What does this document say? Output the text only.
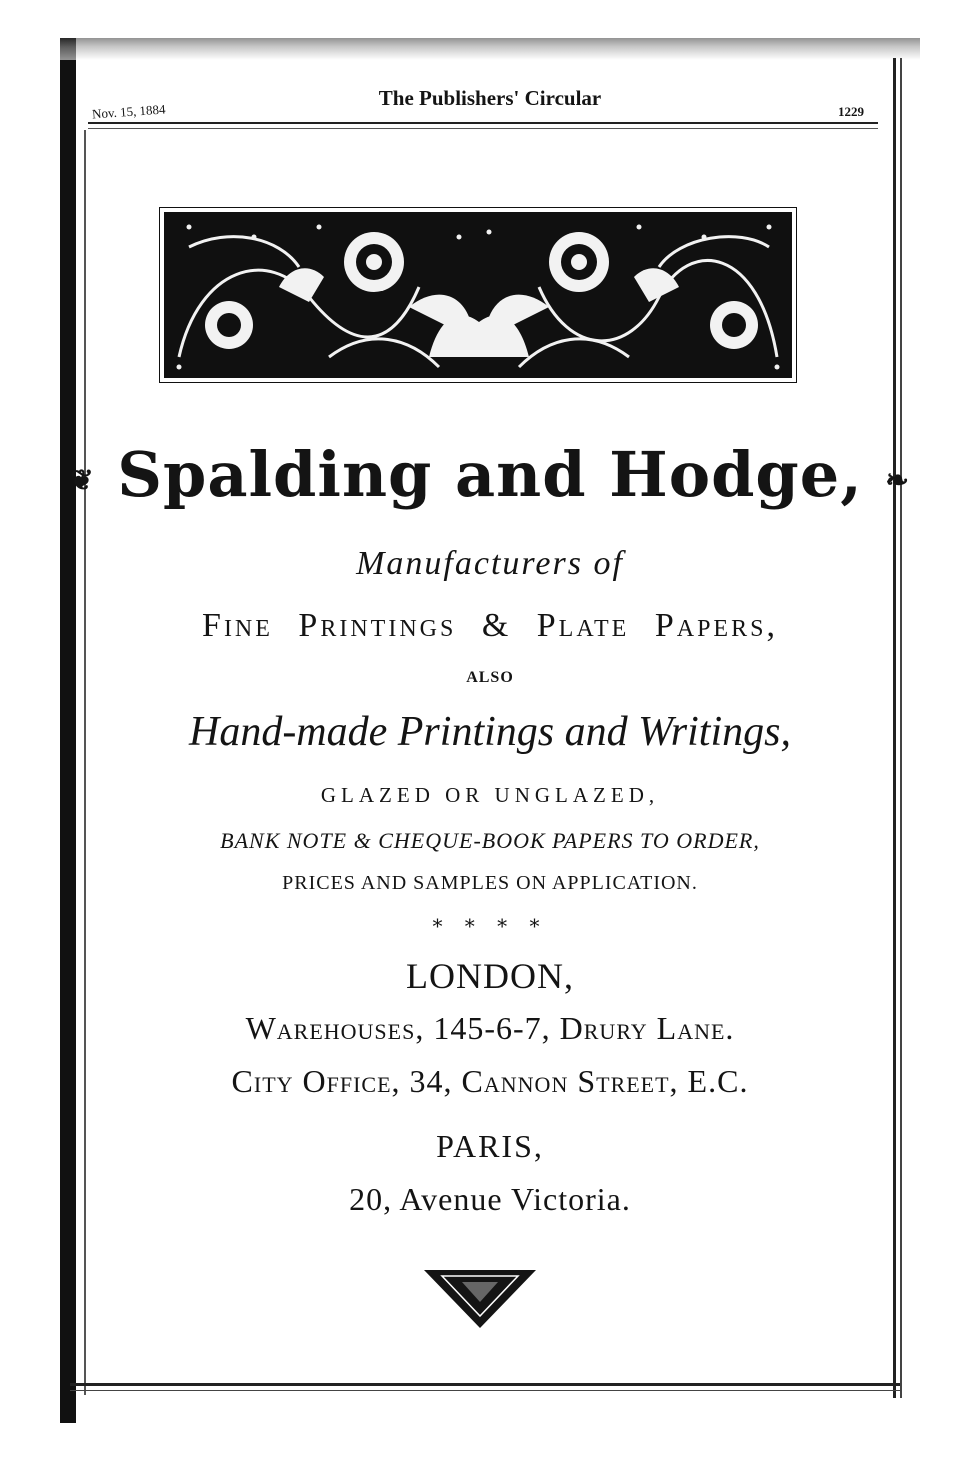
Nov. 15, 1884
The Publishers' Circular
1229
❦ Spalding and Hodge, ❧
Manufacturers of
Fine Printings & Plate Papers,
ALSO
Hand-made Printings and Writings,
GLAZED OR UNGLAZED,
BANK NOTE & CHEQUE-BOOK PAPERS TO ORDER,
PRICES AND SAMPLES ON APPLICATION.
* * * *
LONDON,
Warehouses, 145-6-7, Drury Lane.
City Office, 34, Cannon Street, E.C.
PARIS,
20, Avenue Victoria.
